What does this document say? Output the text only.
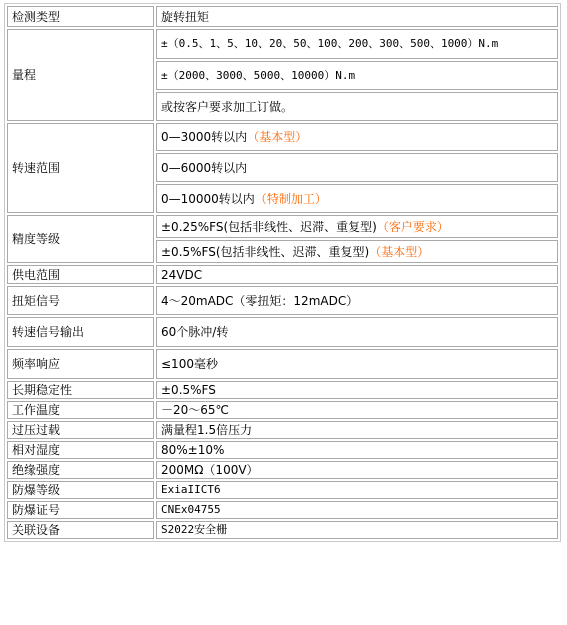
检测类型	旋转扭矩
量程	±（0.5、1、5、10、20、50、100、200、300、500、1000）N.m
	±（2000、3000、5000、10000）N.m
	或按客户要求加工订做。
转速范围	0—3000转以内（基本型）
	0—6000转以内
	0—10000转以内（特制加工）
精度等级	±0.25%FS(包括非线性、迟滞、重复型)（客户要求）
	±0.5%FS(包括非线性、迟滞、重复型)（基本型）
供电范围	24VDC
扭矩信号	4～20mADC（零扭矩：12mADC）
转速信号输出	60个脉冲/转
频率响应	≤100毫秒
长期稳定性	±0.5%FS
工作温度	－20～65℃
过压过载	满量程1.5倍压力
相对湿度	80%±10%
绝缘强度	200MΩ（100V）
防爆等级	ExiaIICT6
防爆证号	CNEx04755
关联设备	S2022安全栅
